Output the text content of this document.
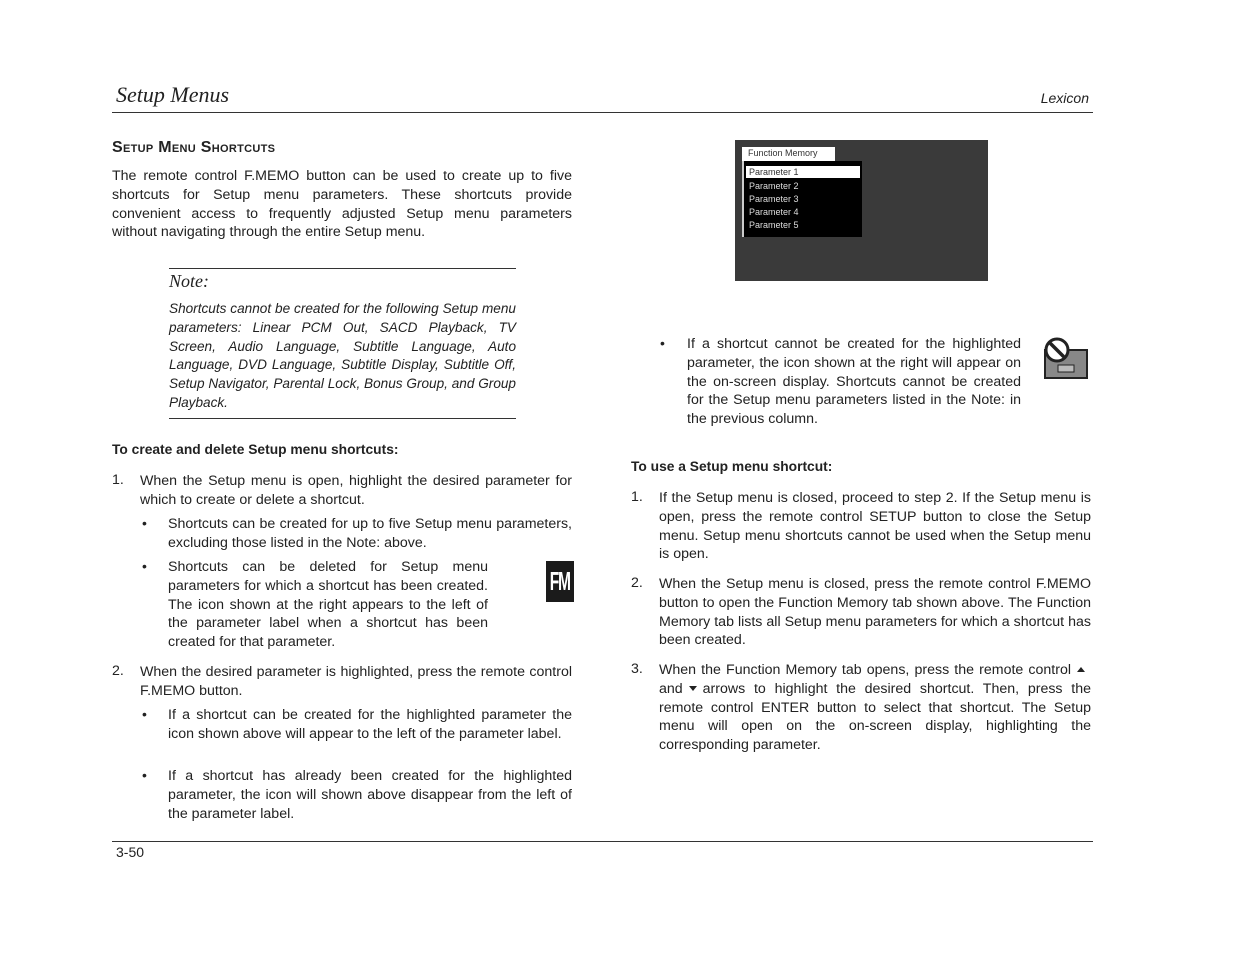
Setup Menus	Lexicon
Setup Menu Shortcuts
The remote control F.MEMO button can be used to create up to five shortcuts for Setup menu parameters. These shortcuts provide convenient access to frequently adjusted Setup menu parameters without navigating through the entire Setup menu.
Note:
Shortcuts cannot be created for the following Setup menu parameters: Linear PCM Out, SACD Playback, TV Screen, Audio Language, Subtitle Language, Auto Language, DVD Language, Subtitle Display, Subtitle Off, Setup Navigator, Parental Lock, Bonus Group, and Group Playback.
To create and delete Setup menu shortcuts:
1. When the Setup menu is open, highlight the desired parameter for which to create or delete a shortcut.
• Shortcuts can be created for up to five Setup menu parameters, excluding those listed in the Note: above.
• Shortcuts can be deleted for Setup menu parameters for which a shortcut has been created. The icon shown at the right appears to the left of the parameter label when a shortcut has been created for that parameter.
FM
2. When the desired parameter is highlighted, press the remote control F.MEMO button.
• If a shortcut can be created for the highlighted parameter the icon shown above will appear to the left of the parameter label.
• If a shortcut has already been created for the highlighted parameter, the icon will shown above disappear from the left of the parameter label.
Function Memory
Parameter 1
Parameter 2
Parameter 3
Parameter 4
Parameter 5
• If a shortcut cannot be created for the highlighted parameter, the icon shown at the right will appear on the on-screen display. Shortcuts cannot be created for the Setup menu parameters listed in the Note: in the previous column.
To use a Setup menu shortcut:
1. If the Setup menu is closed, proceed to step 2. If the Setup menu is open, press the remote control SETUP button to close the Setup menu. Setup menu shortcuts cannot be used when the Setup menu is open.
2. When the Setup menu is closed, press the remote control F.MEMO button to open the Function Memory tab shown above. The Function Memory tab lists all Setup menu parameters for which a shortcut has been created.
3. When the Function Memory tab opens, press the remote controland arrows to highlight the desired shortcut. Then, press the remote control ENTER button to select that shortcut. The Setup menu will open on the on-screen display, highlighting the corresponding parameter.
3-50
